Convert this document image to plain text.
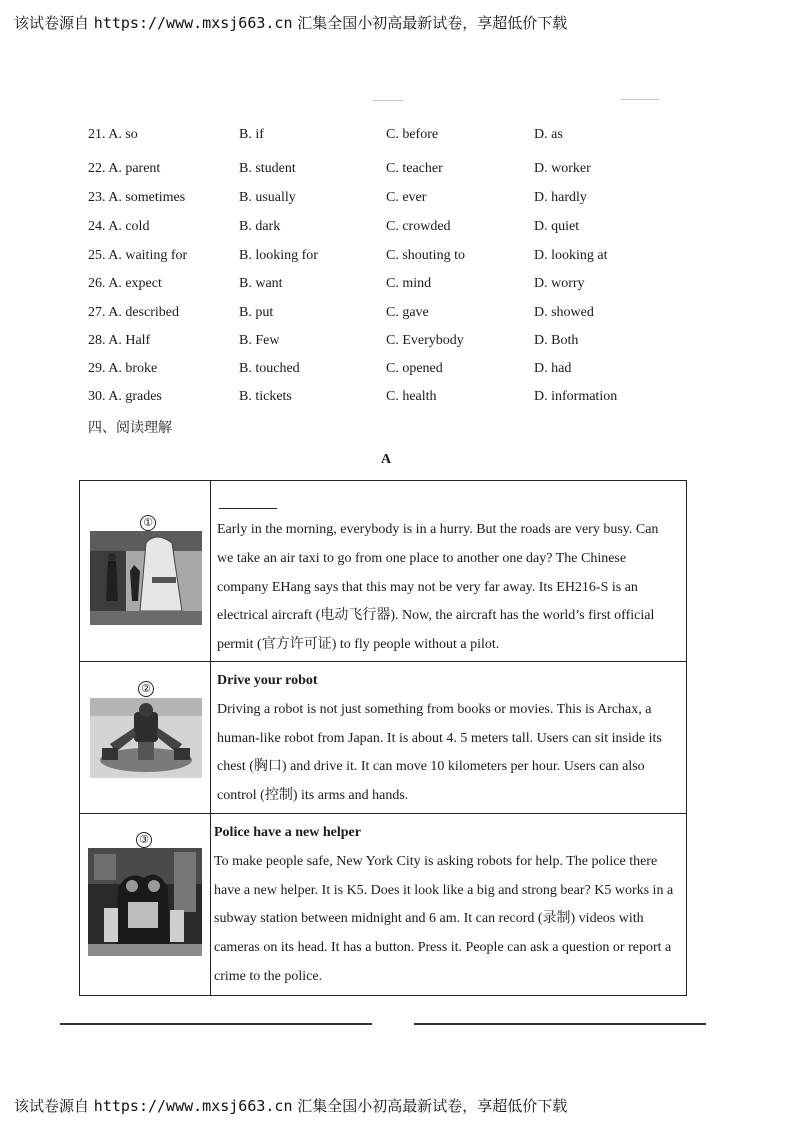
该试卷源自 https://www.mxsj663.cn 汇集全国小初高最新试卷，享超低价下载
21. A. so	B. if	C. before	D. as
22. A. parent	B. student	C. teacher	D. worker
23. A. sometimes	B. usually	C. ever	D. hardly
24. A. cold	B. dark	C. crowded	D. quiet
25. A. waiting for	B. looking for	C. shouting to	D. looking at
26. A. expect	B. want	C. mind	D. worry
27. A. described	B. put	C. gave	D. showed
28. A. Half	B. Few	C. Everybody	D. Both
29. A. broke	B. touched	C. opened	D. had
30. A. grades	B. tickets	C. health	D. information
四、阅读理解
A
①	Early in the morning, everybody is in a hurry. But the roads are very busy. Can we take an air taxi to go from one place to another one day? The Chinese company EHang says that this may not be very far away. Its EH216-S is an electrical aircraft (电动飞行器). Now, the aircraft has the world’s first official permit (官方许可证) to fly people without a pilot.
②
Drive your robot
Driving a robot is not just something from books or movies. This is Archax, a human-like robot from Japan. It is about 4. 5 meters tall. Users can sit inside its chest (胸口) and drive it. It can move 10 kilometers per hour. Users can also control (控制) its arms and hands.
③	Police have a new helper
To make people safe, New York City is asking robots for help. The police there have a new helper. It is K5. Does it look like a big and strong bear? K5 works in a subway station between midnight and 6 am. It can record (录制) videos with cameras on its head. It has a button. Press it. People can ask a question or report a crime to the police.
该试卷源自 https://www.mxsj663.cn 汇集全国小初高最新试卷，享超低价下载
